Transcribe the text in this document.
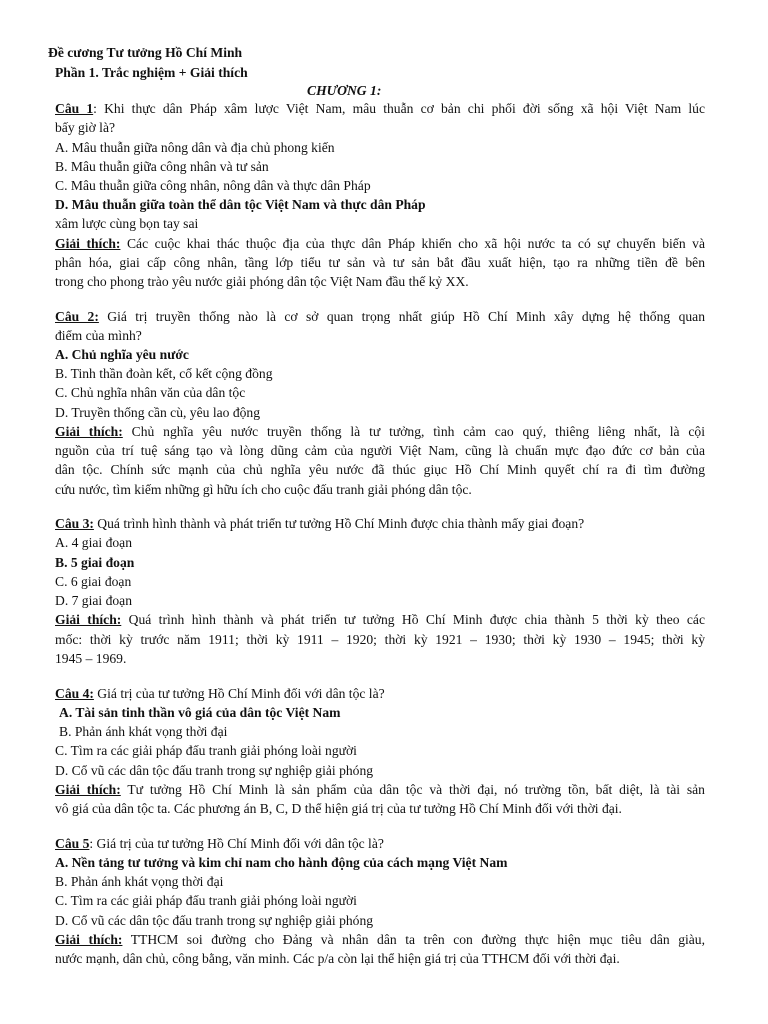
Đề cương Tư tưởng Hồ Chí Minh
Phần 1. Trắc nghiệm + Giải thích
CHƯƠNG 1:
Câu 1: Khi thực dân Pháp xâm lược Việt Nam, mâu thuẫn cơ bản chi phối đời sống xã hội Việt Nam lúc
bấy giờ là?
A. Mâu thuẫn giữa nông dân và địa chủ phong kiến
B. Mâu thuẫn giữa công nhân và tư sản
C. Mâu thuẫn giữa công nhân, nông dân và thực dân Pháp
D. Mâu thuẫn giữa toàn thể dân tộc Việt Nam và thực dân Pháp
xâm lược cùng bọn tay sai
Giải thích: Các cuộc khai thác thuộc địa của thực dân Pháp khiến cho xã hội nước ta có sự chuyển biến và
phân hóa, giai cấp công nhân, tầng lớp tiểu tư sản và tư sản bắt đầu xuất hiện, tạo ra những tiền đề bên
trong cho phong trào yêu nước giải phóng dân tộc Việt Nam đầu thế kỷ XX.
Câu 2: Giá trị truyền thống nào là cơ sở quan trọng nhất giúp Hồ Chí Minh xây dựng hệ thống quan
điểm của mình?
A. Chủ nghĩa yêu nước
B. Tinh thần đoàn kết, cố kết cộng đồng
C. Chủ nghĩa nhân văn của dân tộc
D. Truyền thống cần cù, yêu lao động
Giải thích: Chủ nghĩa yêu nước truyền thống là tư tưởng, tình cảm cao quý, thiêng liêng nhất, là cội
nguồn của trí tuệ sáng tạo và lòng dũng cảm của người Việt Nam, cũng là chuẩn mực đạo đức cơ bản của
dân tộc. Chính sức mạnh của chủ nghĩa yêu nước đã thúc giục Hồ Chí Minh quyết chí ra đi tìm đường
cứu nước, tìm kiếm những gì hữu ích cho cuộc đấu tranh giải phóng dân tộc.
Câu 3: Quá trình hình thành và phát triển tư tưởng Hồ Chí Minh được chia thành mấy giai đoạn?
A. 4 giai đoạn
B. 5 giai đoạn
C. 6 giai đoạn
D. 7 giai đoạn
Giải thích: Quá trình hình thành và phát triển tư tưởng Hồ Chí Minh được chia thành 5 thời kỳ theo các
mốc: thời kỳ trước năm 1911; thời kỳ 1911 – 1920; thời kỳ 1921 – 1930; thời kỳ 1930 – 1945; thời kỳ
1945 – 1969.
Câu 4: Giá trị của tư tưởng Hồ Chí Minh đối với dân tộc là?
A. Tài sản tinh thần vô giá của dân tộc Việt Nam
B. Phản ánh khát vọng thời đại
C. Tìm ra các giải pháp đấu tranh giải phóng loài người
D. Cổ vũ các dân tộc đấu tranh trong sự nghiệp giải phóng
Giải thích: Tư tưởng Hồ Chí Minh là sản phẩm của dân tộc và thời đại, nó trường tồn, bất diệt, là tài sản
vô giá của dân tộc ta. Các phương án B, C, D thể hiện giá trị của tư tưởng Hồ Chí Minh đối với thời đại.
Câu 5: Giá trị của tư tưởng Hồ Chí Minh đối với dân tộc là?
A. Nền tảng tư tưởng và kim chỉ nam cho hành động của cách mạng Việt Nam
B. Phản ánh khát vọng thời đại
C. Tìm ra các giải pháp đấu tranh giải phóng loài người
D. Cổ vũ các dân tộc đấu tranh trong sự nghiệp giải phóng
Giải thích: TTHCM soi đường cho Đảng và nhân dân ta trên con đường thực hiện mục tiêu dân giàu,
nước mạnh, dân chủ, công bằng, văn minh. Các p/a còn lại thể hiện giá trị của TTHCM đối với thời đại.
